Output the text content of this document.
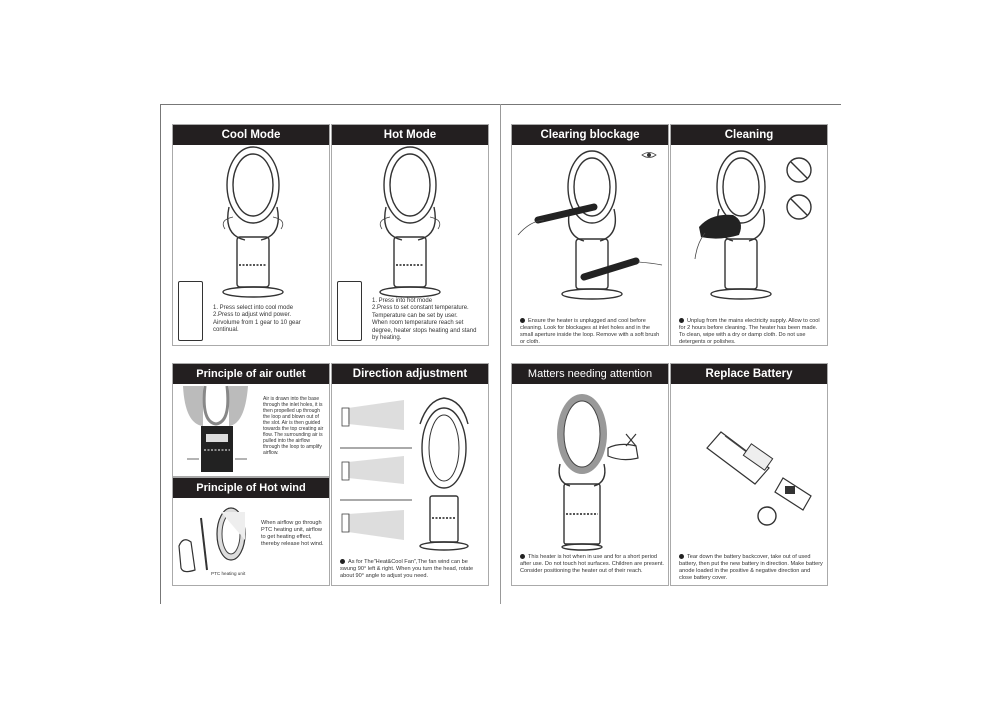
Cool Mode

1. Press select into cool mode

2.Press to adjust wind power.

Airvolume from 1 gear to 10 gear continual.

Hot Mode

1. Press into hot mode

2.Press to set constant temperature.

Temperature can be set by user.

When room temperature reach set degree, heater stops heating and stand by heating.

Clearing blockage
Ensure the heater is unplugged and cool before cleaning. Look for blockages at inlet holes and in the small aperture inside the loop. Remove with a soft brush or cloth.
Cleaning
Unplug from the mains electricity supply. Allow to cool for 2 hours before cleaning. The heater has been made. To clean, wipe with a dry or damp cloth. Do not use detergents or polishes.
Principle of air outlet
Air is drawn into the base through the inlet holes, it is then propelled up through the loop and blown out of the slot. Air is then guided towards the top creating air flow. The surrounding air is pulled into the airflow through the loop to amplify airflow.
Principle of Hot wind
When airflow go through PTC heating unit, airflow to get heating effect, thereby release hot wind.
PTC heating unit
Direction adjustment
As for The"Heat&Cool Fan",The fan wind can be swung 90° left & right. When you turn the head, rotate about 90° angle to adjust you need.
Matters needing attention
This heater is hot when in use and for a short period after use. Do not touch hot surfaces. Children are present. Consider positioning the heater out of their reach.
Replace Battery
Tear down the battery backcover, take out of used battery, then put the new battery in direction. Make battery anode loaded in the positive & negative direction and close battery cover.
